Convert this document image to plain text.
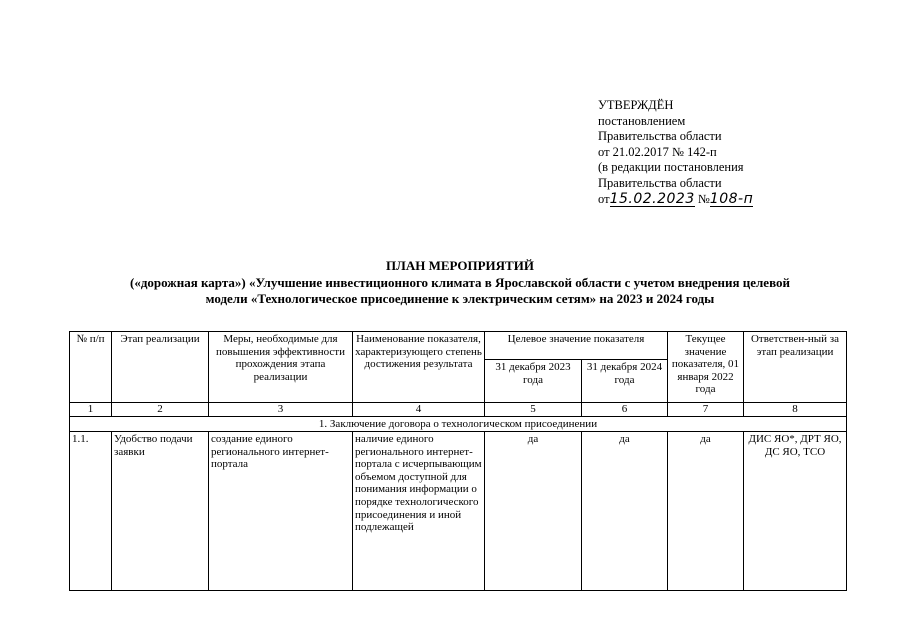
УТВЕРЖДЁН
постановлением
Правительства области
от 21.02.2017 № 142-п
(в редакции постановления
Правительства области
от15.02.2023 №108-п
ПЛАН МЕРОПРИЯТИЙ
(«дорожная карта») «Улучшение инвестиционного климата в Ярославской области с учетом внедрения целевой
модели «Технологическое присоединение к электрическим сетям» на 2023 и 2024 годы
№ п/п	Этап реализации	Меры, необходимые для повышения эффективности прохождения этапа реализации	Наименование показателя, характеризующего степень достижения результата	Целевое значение показателя		Текущее значение показателя, 01 января 2022 года	Ответствен-ный за этап реализации
				31 декабря 2023 года	31 декабря 2024 года		
1	2	3	4	5	6	7	8
1. Заключение договора о технологическом присоединении							
1.1.	Удобство подачи заявки	создание единого регионального интернет-портала	наличие единого регионального интернет-портала с исчерпывающим объемом доступной для понимания информации о порядке технологического присоединения и иной подлежащей	да	да	да	ДИС ЯО*, ДРТ ЯО, ДС ЯО, ТСО
